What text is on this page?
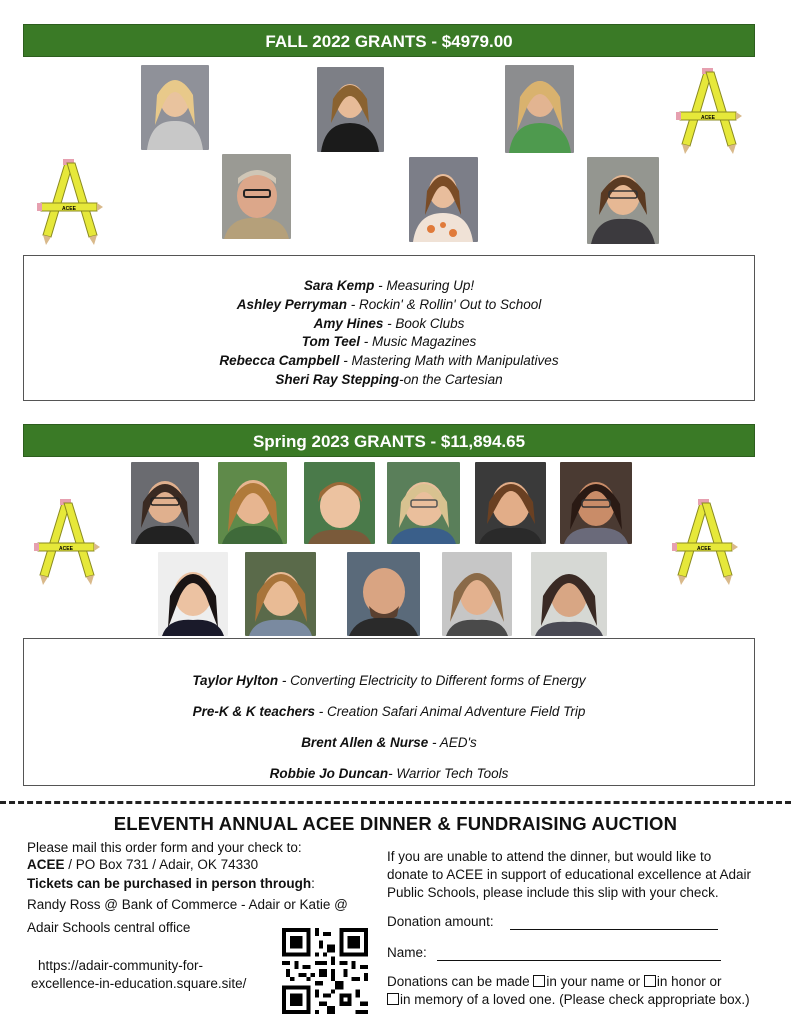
FALL 2022 GRANTS - $4979.00
ACEE
ACEE
Sara Kemp - Measuring Up!
Ashley Perryman - Rockin' & Rollin' Out to School
Amy Hines - Book Clubs
Tom Teel - Music Magazines
Rebecca Campbell - Mastering Math with Manipulatives
Sheri Ray Stepping-on the Cartesian
Spring 2023 GRANTS - $11,894.65
ACEE	ACEE
Taylor Hylton - Converting Electricity to Different forms of Energy
Pre-K & K teachers - Creation Safari Animal Adventure Field Trip
Brent Allen & Nurse - AED's
Robbie Jo Duncan- Warrior Tech Tools
ELEVENTH ANNUAL ACEE DINNER & FUNDRAISING AUCTION
Please mail this order form and your check to:
ACEE / PO Box 731 / Adair, OK 74330
Tickets can be purchased in person through:
Randy Ross @ Bank of Commerce - Adair or Katie @
Adair Schools central office
https://adair-community-for-
excellence-in-education.square.site/
If you are unable to attend the dinner, but would like to
donate to ACEE in support of educational excellence at Adair
Public Schools, please include this slip with your check.
Donation amount:
Name:
Donations can be made in your name or in honor or
in memory of a loved one. (Please check appropriate box.)
